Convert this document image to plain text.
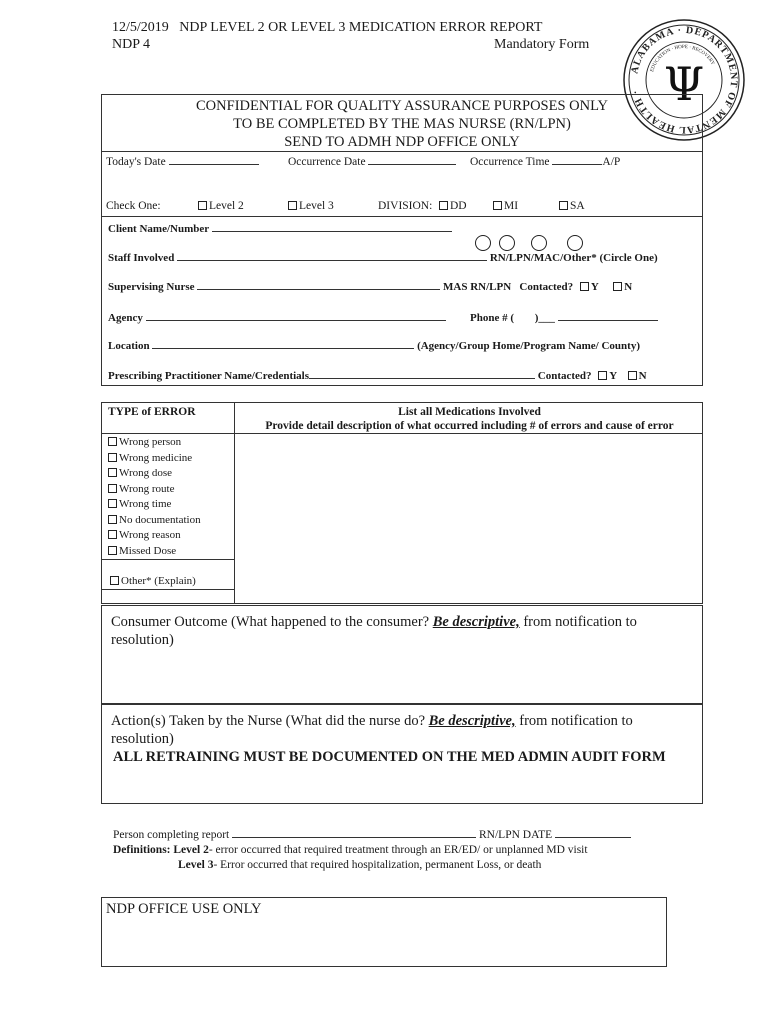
12/5/2019 NDP LEVEL 2 OR LEVEL 3 MEDICATION ERROR REPORT
NDP 4	Mandatory Form
ALABAMA · DEPARTMENT OF MENTAL HEALTH ·
EDUCATION · HOPE · RECOVERY
Ψ
CONFIDENTIAL FOR QUALITY ASSURANCE PURPOSES ONLY
TO BE COMPLETED BY THE MAS NURSE (RN/LPN)
SEND TO ADMH NDP OFFICE ONLY
Today's Date	Occurrence Date	Occurrence Time	A/P
Check One:	Level 2	Level 3	DIVISION:	DD	MI	SA
Client Name/Number
Staff Involved	RN/LPN/MAC/Other* (Circle One)
Supervising Nurse	MAS RN/LPN Contacted? Y N
Agency	Phone # ( )___
Location	(Agency/Group Home/Program Name/ County)
Prescribing Practitioner Name/Credentials	Contacted? Y N
TYPE of ERROR	List all Medications Involved
Provide detail description of what occurred including # of errors and cause of error
Wrong person
Wrong medicine
Wrong dose
Wrong route
Wrong time
No documentation
Wrong reason
Missed Dose
Other* (Explain)
Consumer Outcome (What happened to the consumer? Be descriptive, from notification to resolution)
Action(s) Taken by the Nurse (What did the nurse do? Be descriptive, from notification to resolution)
ALL RETRAINING MUST BE DOCUMENTED ON THE MED ADMIN AUDIT FORM
Person completing report	RN/LPN DATE
Definitions: Level 2- error occurred that required treatment through an ER/ED/ or unplanned MD visit
Level 3- Error occurred that required hospitalization, permanent Loss, or death
NDP OFFICE USE ONLY
